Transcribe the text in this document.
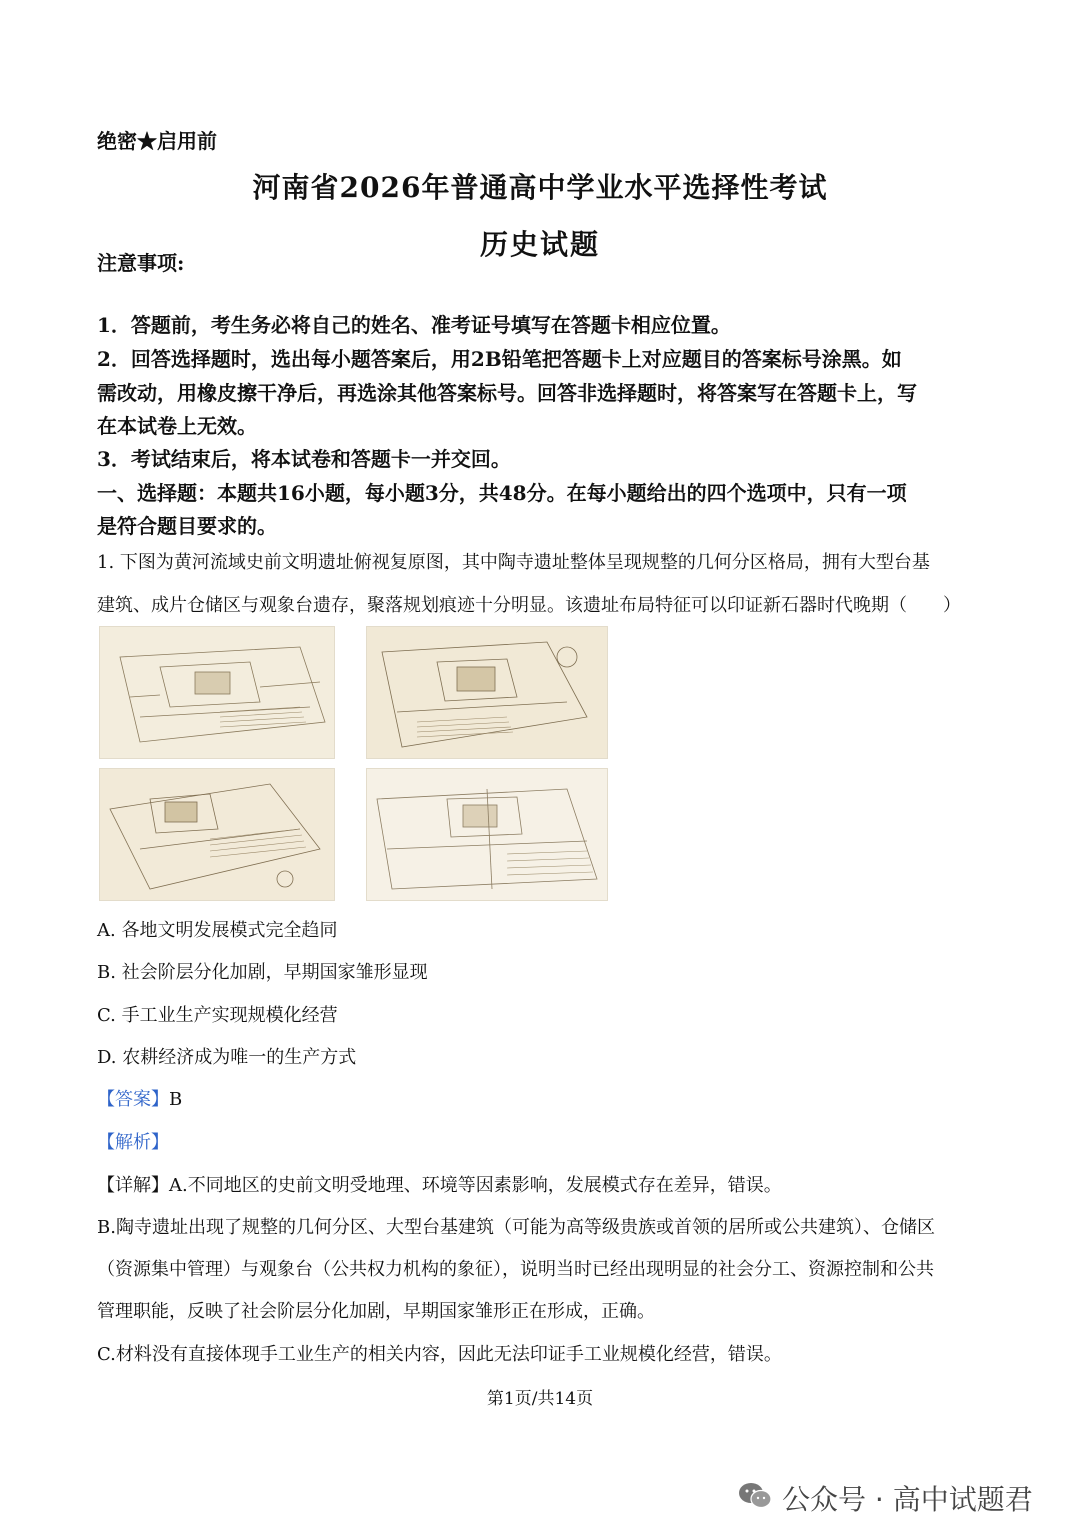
绝密★启用前
河南省2026年普通高中学业水平选择性考试
历史试题
注意事项:
1．答题前，考生务必将自己的姓名、准考证号填写在答题卡相应位置。
2．回答选择题时，选出每小题答案后，用2B铅笔把答题卡上对应题目的答案标号涂黑。如
需改动，用橡皮擦干净后，再选涂其他答案标号。回答非选择题时，将答案写在答题卡上，写
在本试卷上无效。
3．考试结束后，将本试卷和答题卡一并交回。
一、选择题：本题共16小题，每小题3分，共48分。在每小题给出的四个选项中，只有一项
是符合题目要求的。
1. 下图为黄河流域史前文明遗址俯视复原图，其中陶寺遗址整体呈现规整的几何分区格局，拥有大型台基
建筑、成片仓储区与观象台遗存，聚落规划痕迹十分明显。该遗址布局特征可以印证新石器时代晚期（　　）
A. 各地文明发展模式完全趋同
B. 社会阶层分化加剧，早期国家雏形显现
C. 手工业生产实现规模化经营
D. 农耕经济成为唯一的生产方式
【答案】B
【解析】
【详解】A.不同地区的史前文明受地理、环境等因素影响，发展模式存在差异，错误。
B.陶寺遗址出现了规整的几何分区、大型台基建筑（可能为高等级贵族或首领的居所或公共建筑）、仓储区
（资源集中管理）与观象台（公共权力机构的象征），说明当时已经出现明显的社会分工、资源控制和公共
管理职能，反映了社会阶层分化加剧，早期国家雏形正在形成，正确。
C.材料没有直接体现手工业生产的相关内容，因此无法印证手工业规模化经营，错误。
第1页/共14页
公众号 · 高中试题君
